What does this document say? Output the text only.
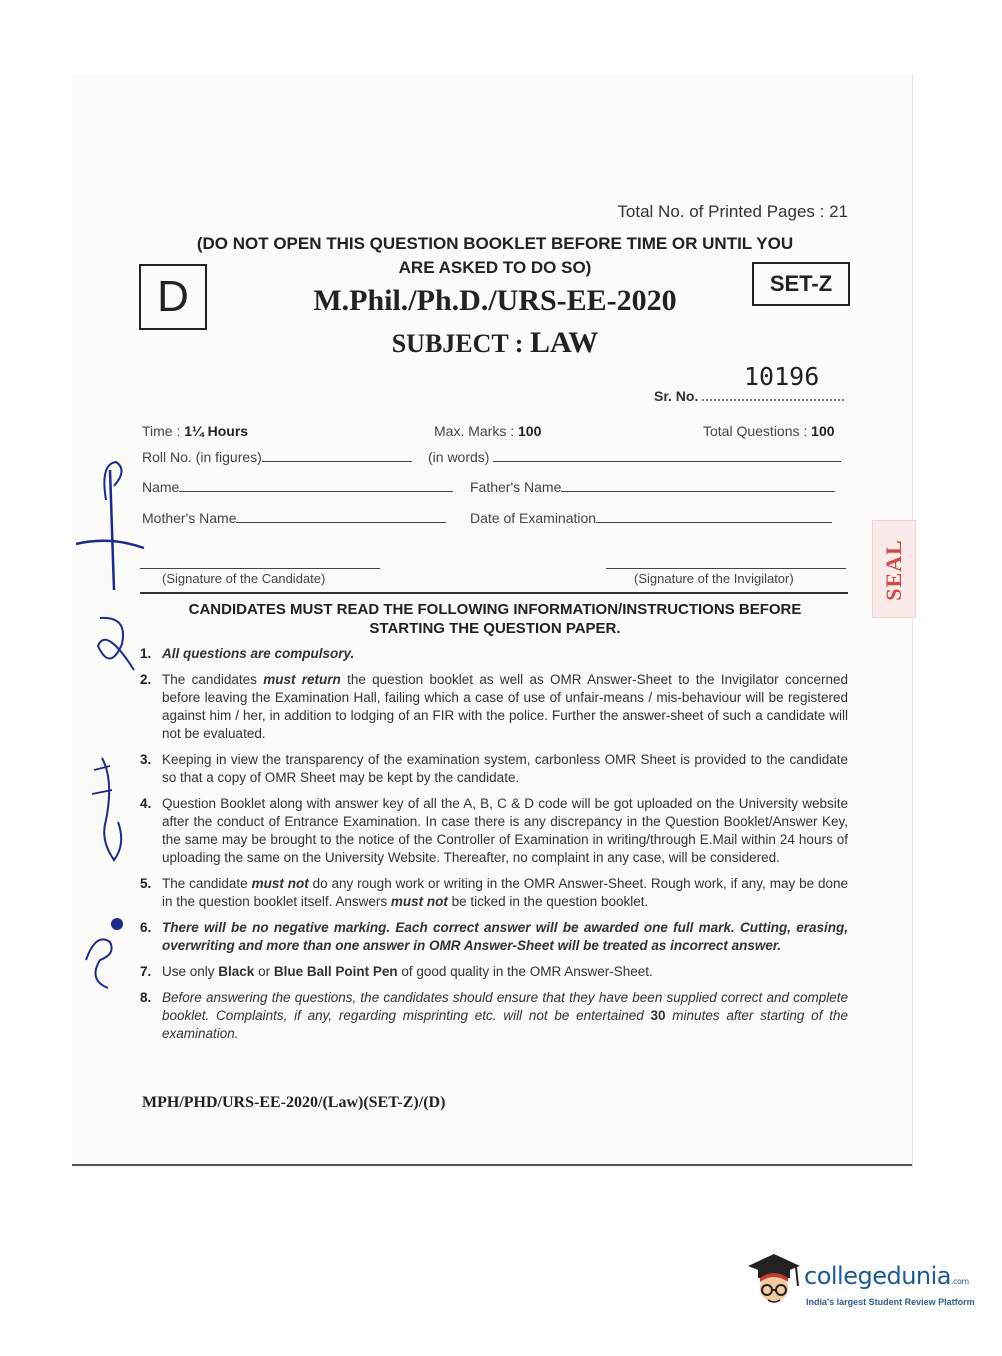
Total No. of Printed Pages : 21
(DO NOT OPEN THIS QUESTION BOOKLET BEFORE TIME OR UNTIL YOU
ARE ASKED TO DO SO)
D	SET-Z
M.Phil./Ph.D./URS-EE-2020
SUBJECT : LAW
10196
Sr. No.
Time : 1¼ Hours	Max. Marks : 100	Total Questions : 100
Roll No. (in figures)	(in words)
Name	Father's Name
Mother's Name	Date of Examination
(Signature of the Candidate)	(Signature of the Invigilator)
CANDIDATES MUST READ THE FOLLOWING INFORMATION/INSTRUCTIONS BEFORE
STARTING THE QUESTION PAPER.
1. All questions are compulsory.
2. The candidates must return the question booklet as well as OMR Answer-Sheet to the Invigilator concerned before leaving the Examination Hall, failing which a case of use of unfair-means / mis-behaviour will be registered against him / her, in addition to lodging of an FIR with the police. Further the answer-sheet of such a candidate will not be evaluated.
3. Keeping in view the transparency of the examination system, carbonless OMR Sheet is provided to the candidate so that a copy of OMR Sheet may be kept by the candidate.
4. Question Booklet along with answer key of all the A, B, C & D code will be got uploaded on the University website after the conduct of Entrance Examination. In case there is any discrepancy in the Question Booklet/Answer Key, the same may be brought to the notice of the Controller of Examination in writing/through E.Mail within 24 hours of uploading the same on the University Website. Thereafter, no complaint in any case, will be considered.
5. The candidate must not do any rough work or writing in the OMR Answer-Sheet. Rough work, if any, may be done in the question booklet itself. Answers must not be ticked in the question booklet.
6. There will be no negative marking. Each correct answer will be awarded one full mark. Cutting, erasing, overwriting and more than one answer in OMR Answer-Sheet will be treated as incorrect answer.
7. Use only Black or Blue Ball Point Pen of good quality in the OMR Answer-Sheet.
8. Before answering the questions, the candidates should ensure that they have been supplied correct and complete booklet. Complaints, if any, regarding misprinting etc. will not be entertained 30 minutes after starting of the examination.
MPH/PHD/URS-EE-2020/(Law)(SET-Z)/(D)
SEAL
collegedunia.com
India's largest Student Review Platform
